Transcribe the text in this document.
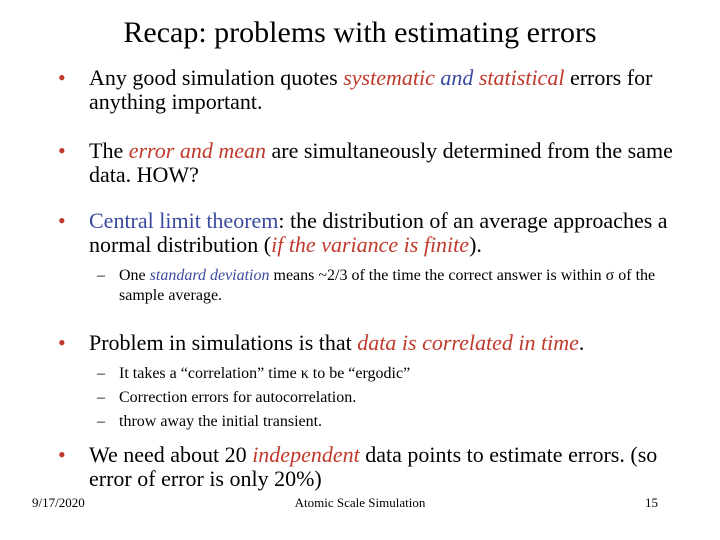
Recap: problems with estimating errors
•	Any good simulation quotes systematic and statistical errors for anything important.
•	The error and mean are simultaneously determined from the same data. HOW?
•	Central limit theorem: the distribution of an average approaches a normal distribution (if the variance is finite).
– One standard deviation means ~2/3 of the time the correct answer is within σ of the sample average.
•	Problem in simulations is that data is correlated in time.
– It takes a “correlation” time κ to be “ergodic”
– Correction errors for autocorrelation.
– throw away the initial transient.
•	We need about 20 independent data points to estimate errors. (so error of error is only 20%)
9/17/2020	Atomic Scale Simulation	15
